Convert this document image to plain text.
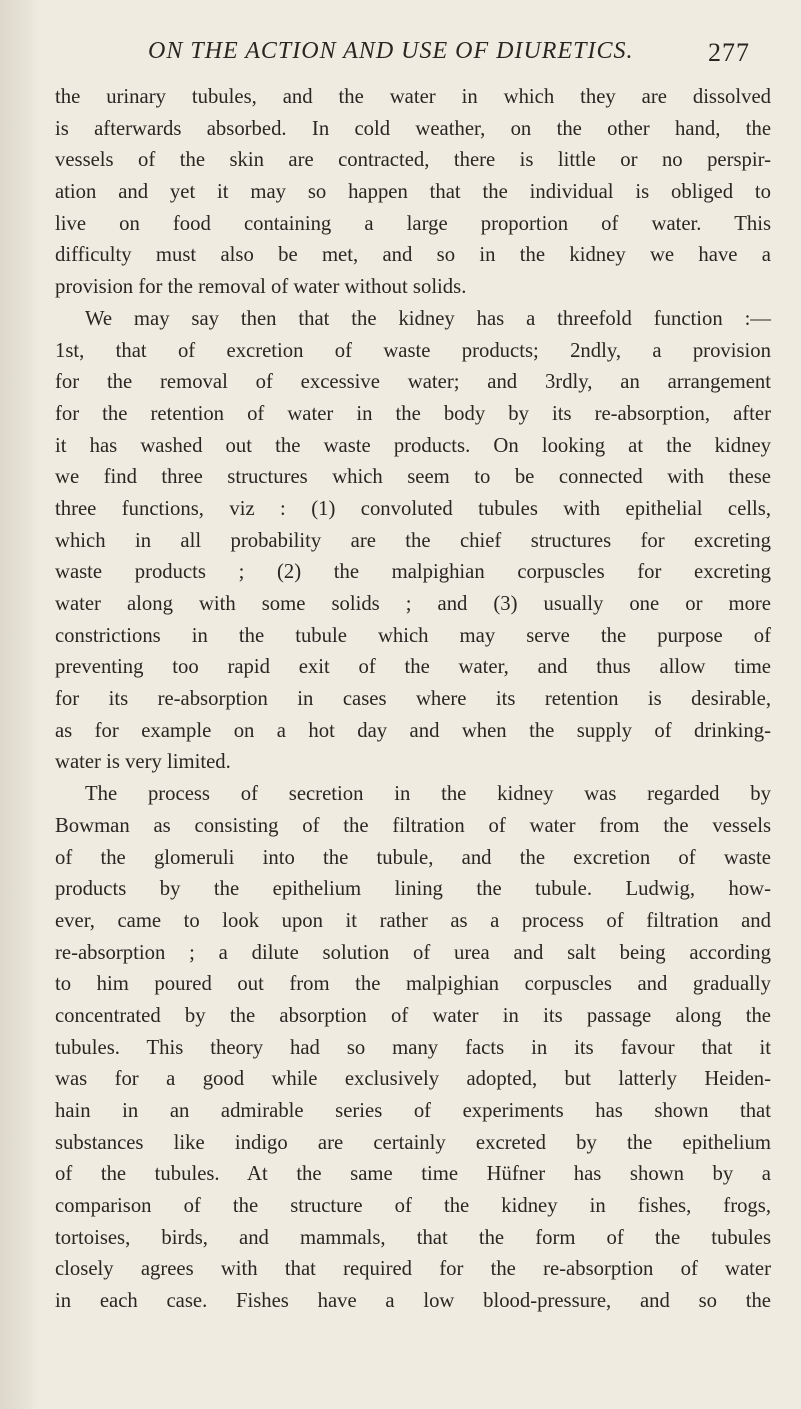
ON THE ACTION AND USE OF DIURETICS.	277
the urinary tubules, and the water in which they are dissolved
is afterwards absorbed. In cold weather, on the other hand, the
vessels of the skin are contracted, there is little or no perspir-
ation and yet it may so happen that the individual is obliged to
live on food containing a large proportion of water. This
difficulty must also be met, and so in the kidney we have a
provision for the removal of water without solids.
We may say then that the kidney has a threefold function :—
1st, that of excretion of waste products; 2ndly, a provision
for the removal of excessive water; and 3rdly, an arrangement
for the retention of water in the body by its re-absorption, after
it has washed out the waste products. On looking at the kidney
we find three structures which seem to be connected with these
three functions, viz : (1) convoluted tubules with epithelial cells,
which in all probability are the chief structures for excreting
waste products ; (2) the malpighian corpuscles for excreting
water along with some solids ; and (3) usually one or more
constrictions in the tubule which may serve the purpose of
preventing too rapid exit of the water, and thus allow time
for its re-absorption in cases where its retention is desirable,
as for example on a hot day and when the supply of drinking-
water is very limited.
The process of secretion in the kidney was regarded by
Bowman as consisting of the filtration of water from the vessels
of the glomeruli into the tubule, and the excretion of waste
products by the epithelium lining the tubule. Ludwig, how-
ever, came to look upon it rather as a process of filtration and
re-absorption ; a dilute solution of urea and salt being according
to him poured out from the malpighian corpuscles and gradually
concentrated by the absorption of water in its passage along the
tubules. This theory had so many facts in its favour that it
was for a good while exclusively adopted, but latterly Heiden-
hain in an admirable series of experiments has shown that
substances like indigo are certainly excreted by the epithelium
of the tubules. At the same time Hüfner has shown by a
comparison of the structure of the kidney in fishes, frogs,
tortoises, birds, and mammals, that the form of the tubules
closely agrees with that required for the re-absorption of water
in each case. Fishes have a low blood-pressure, and so the
